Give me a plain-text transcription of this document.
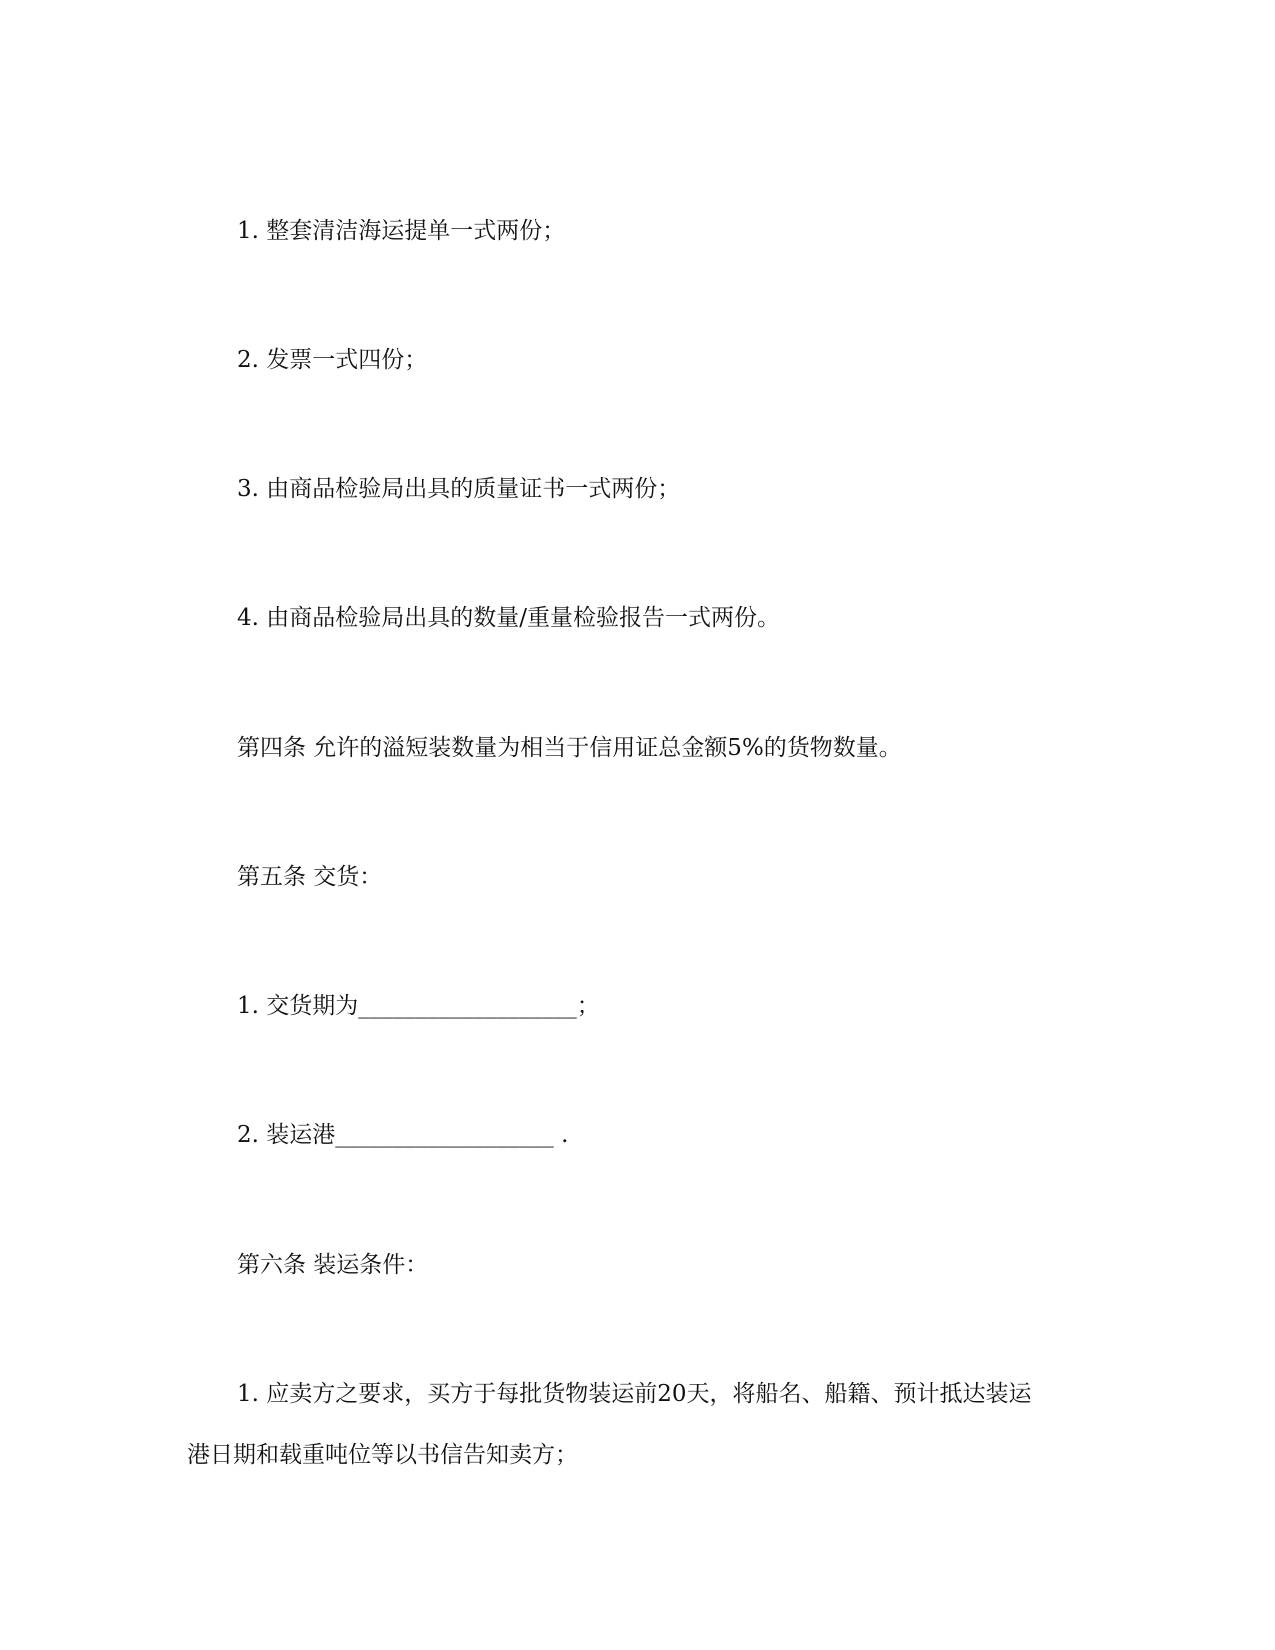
1. 整套清洁海运提单一式两份；

2. 发票一式四份；

3. 由商品检验局出具的质量证书一式两份；

4. 由商品检验局出具的数量/重量检验报告一式两份。

第四条 允许的溢短装数量为相当于信用证总金额5%的货物数量。

第五条 交货：

1. 交货期为___________________；

2. 装运港___________________ .

第六条 装运条件：

1. 应卖方之要求，买方于每批货物装运前20天，将船名、船籍、预计抵达装运

港日期和载重吨位等以书信告知卖方；
